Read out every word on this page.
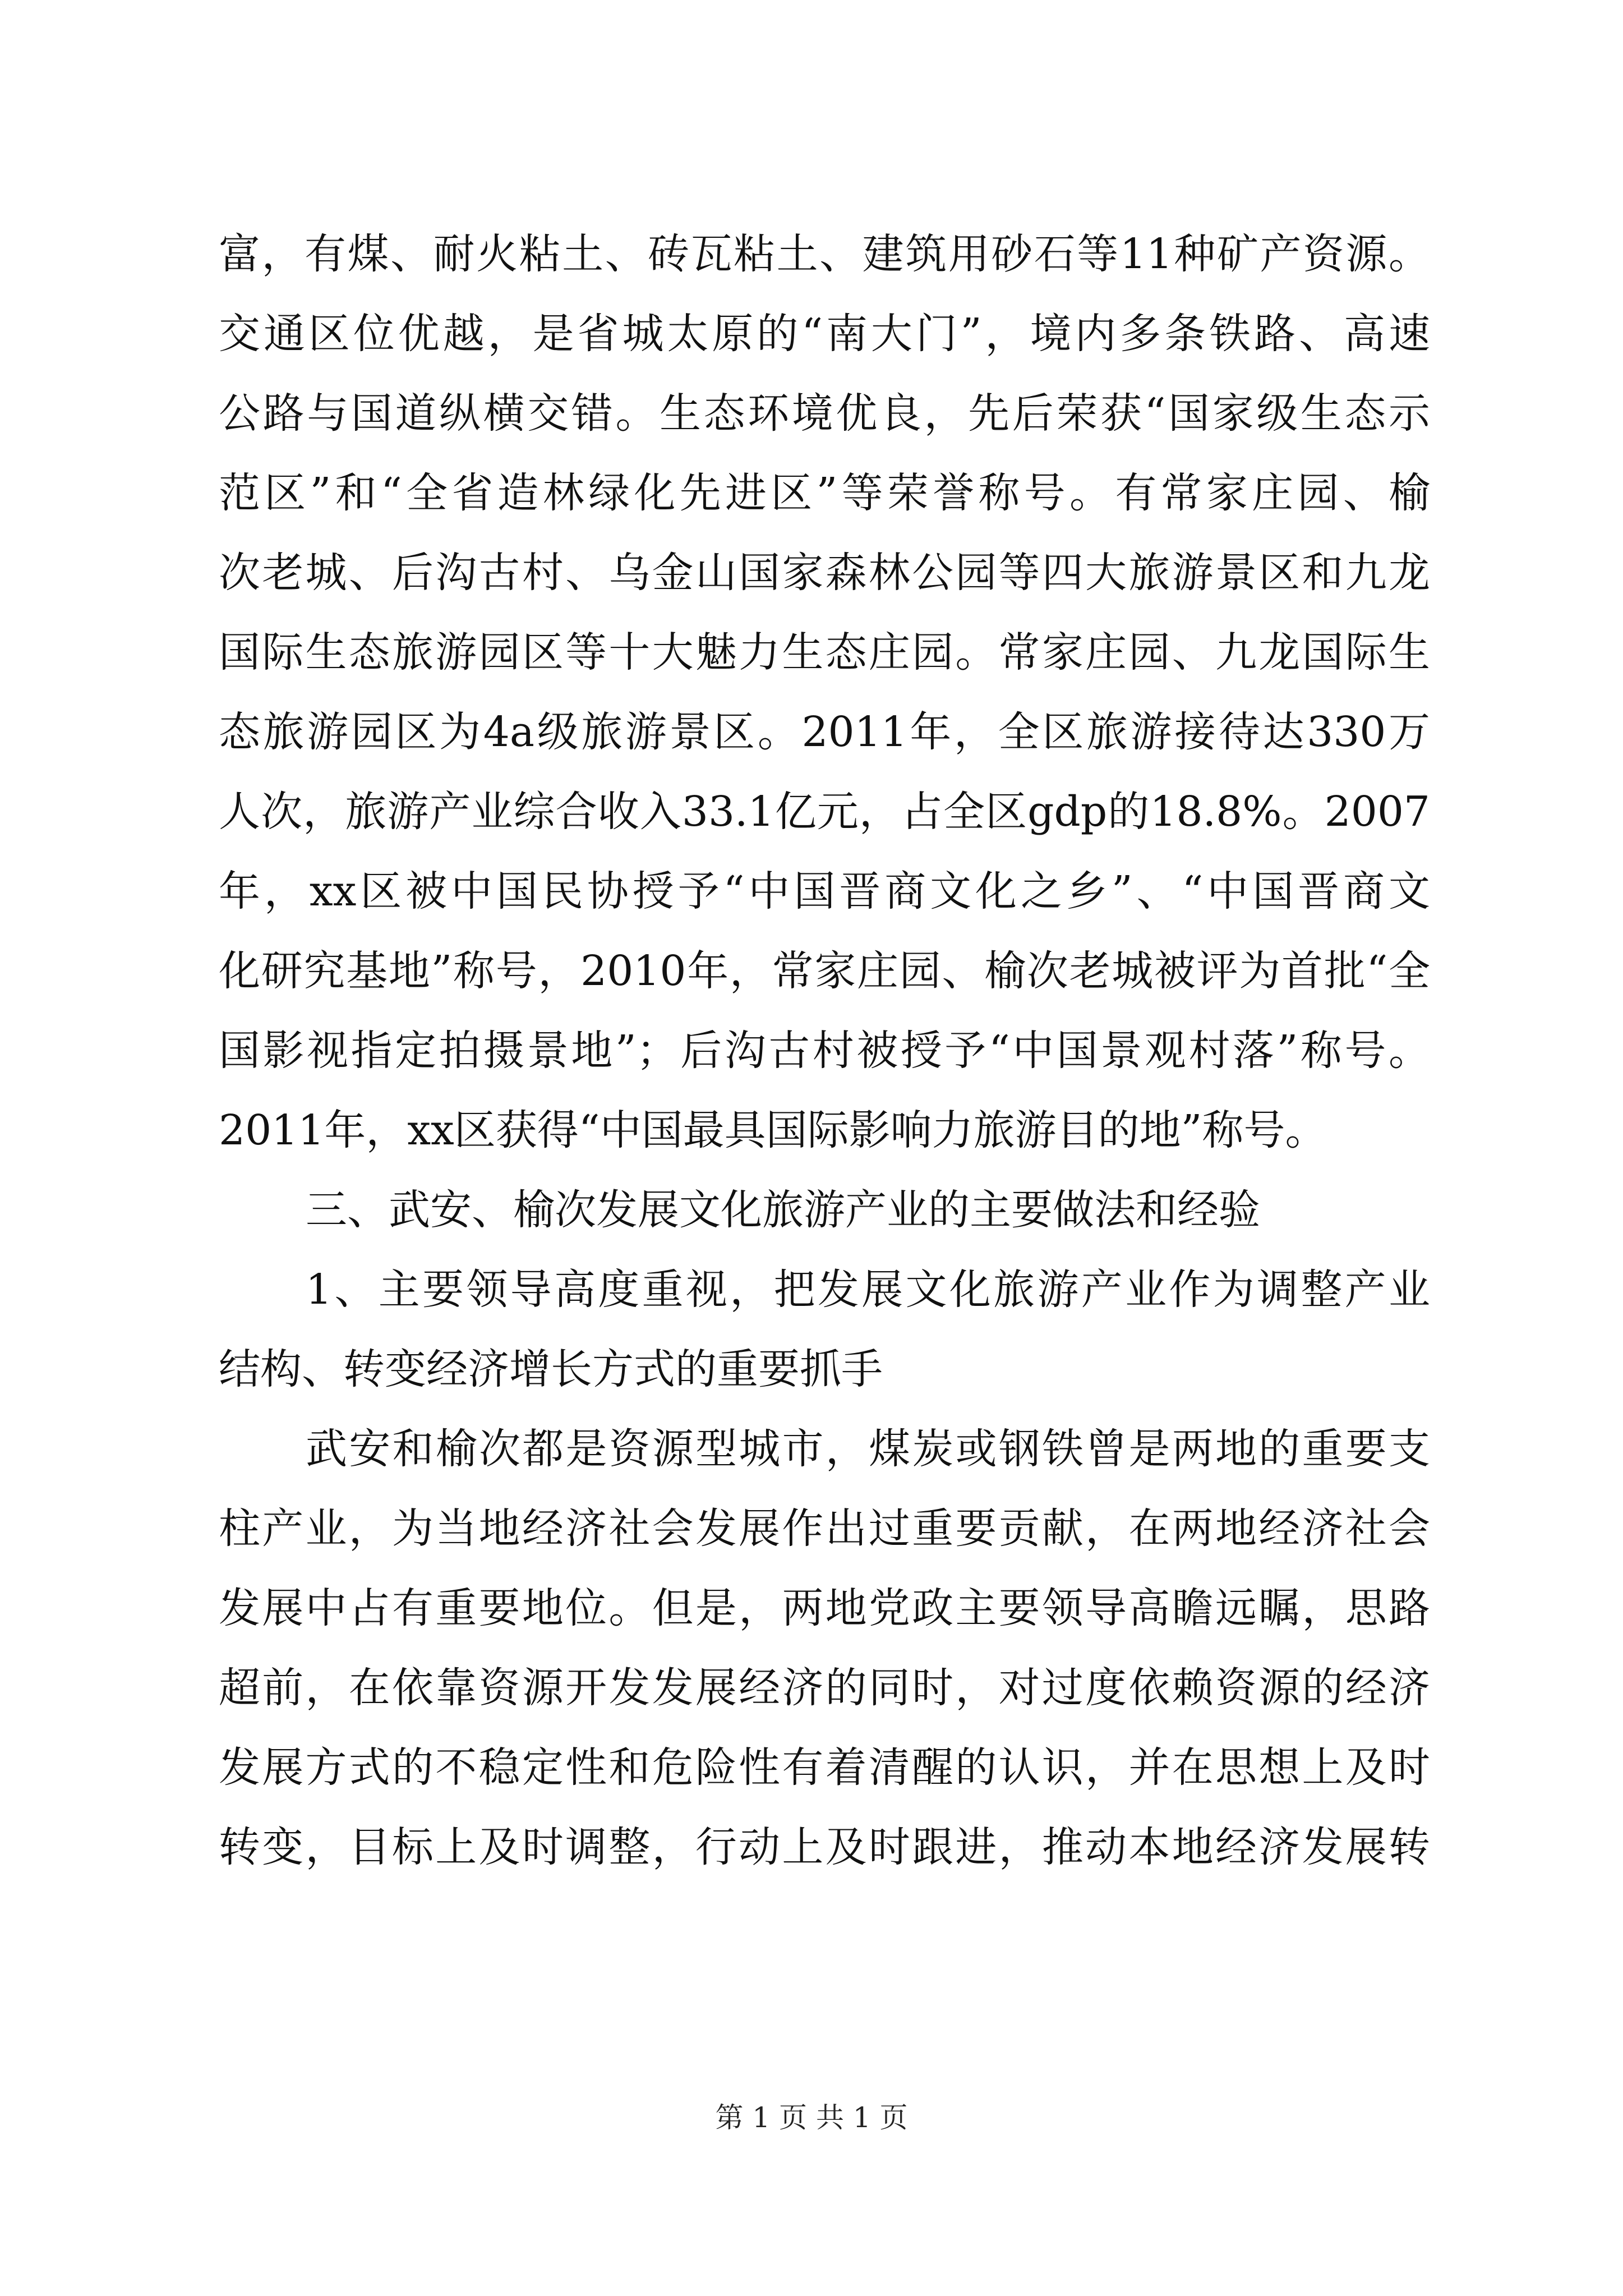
富，有煤、耐火粘土、砖瓦粘土、建筑用砂石等11种矿产资源。
交通区位优越，是省城太原的“南大门”，境内多条铁路、高速
公路与国道纵横交错。生态环境优良，先后荣获“国家级生态示
范区”和“全省造林绿化先进区”等荣誉称号。有常家庄园、榆
次老城、后沟古村、乌金山国家森林公园等四大旅游景区和九龙
国际生态旅游园区等十大魅力生态庄园。常家庄园、九龙国际生
态旅游园区为4a级旅游景区。2011年，全区旅游接待达330万
人次，旅游产业综合收入33.1亿元，占全区gdp的18.8%。2007
年，xx区被中国民协授予“中国晋商文化之乡”、“中国晋商文
化研究基地”称号，2010年，常家庄园、榆次老城被评为首批“全
国影视指定拍摄景地”；后沟古村被授予“中国景观村落”称号。
2011年，xx区获得“中国最具国际影响力旅游目的地”称号。
三、武安、榆次发展文化旅游产业的主要做法和经验
1、主要领导高度重视，把发展文化旅游产业作为调整产业
结构、转变经济增长方式的重要抓手
武安和榆次都是资源型城市，煤炭或钢铁曾是两地的重要支
柱产业，为当地经济社会发展作出过重要贡献，在两地经济社会
发展中占有重要地位。但是，两地党政主要领导高瞻远瞩，思路
超前，在依靠资源开发发展经济的同时，对过度依赖资源的经济
发展方式的不稳定性和危险性有着清醒的认识，并在思想上及时
转变，目标上及时调整，行动上及时跟进，推动本地经济发展转
第 1 页 共 1 页
